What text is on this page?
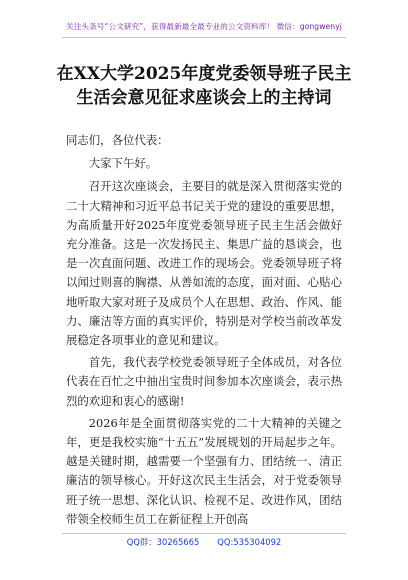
关注头条号“公文研究”，获得最新最全最专业的公文资料库！ 微信：gongwenyj
在XX大学2025年度党委领导班子民主
生活会意见征求座谈会上的主持词

同志们，各位代表：

大家下午好。

召开这次座谈会，主要目的就是深入贯彻落实党的二十大精神和习近平总书记关于党的建设的重要思想，为高质量开好2025年度党委领导班子民主生活会做好充分准备。这是一次发扬民主、集思广益的恳谈会，也是一次直面问题、改进工作的现场会。党委领导班子将以闻过则喜的胸襟、从善如流的态度，面对面、心贴心地听取大家对班子及成员个人在思想、政治、作风、能力、廉洁等方面的真实评价，特别是对学校当前改革发展稳定各项事业的意见和建议。

首先，我代表学校党委领导班子全体成员，对各位代表在百忙之中抽出宝贵时间参加本次座谈会，表示热烈的欢迎和衷心的感谢!

2026年是全面贯彻落实党的二十大精神的关键之年，更是我校实施“十五五”发展规划的开局起步之年。越是关键时期，越需要一个坚强有力、团结统一、清正廉洁的领导核心。开好这次民主生活会，对于党委领导班子统一思想、深化认识、检视不足、改进作风，团结带领全校师生员工在新征程上开创高

QQ群：30265665 QQ:535304092
